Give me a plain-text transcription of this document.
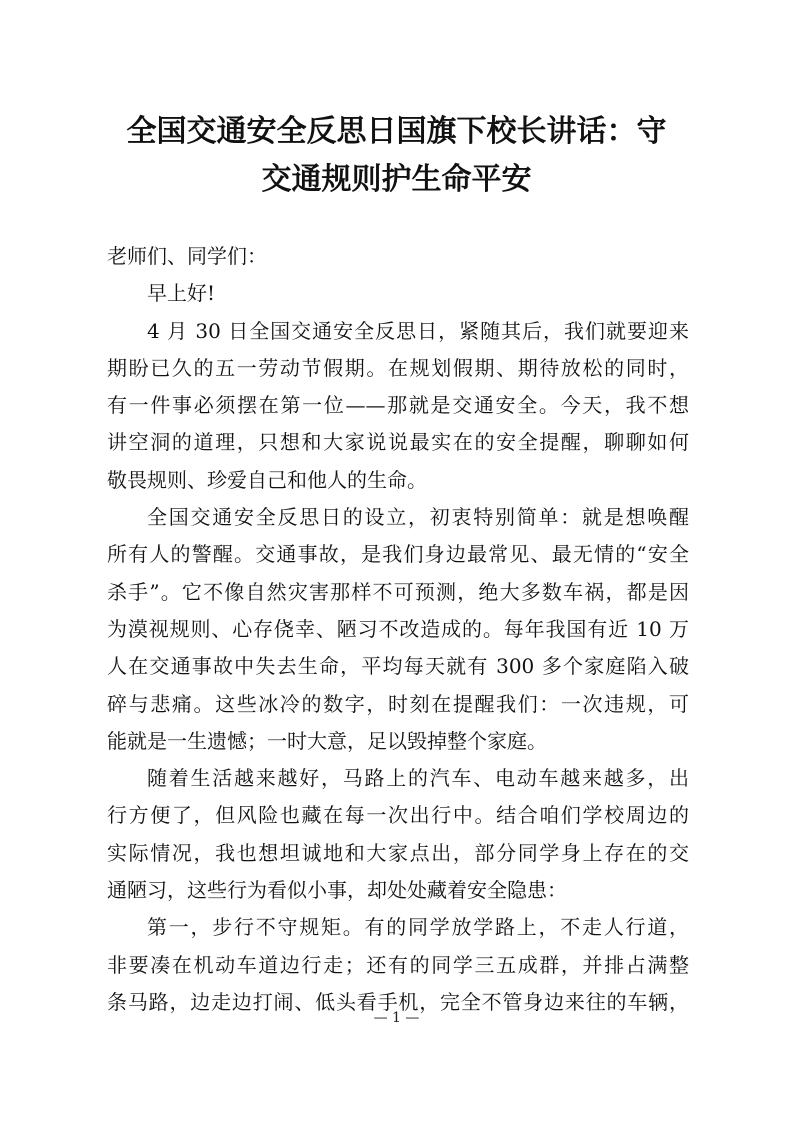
全国交通安全反思日国旗下校长讲话：守
交通规则护生命平安
老师们、同学们：
早上好!
4 月 30 日全国交通安全反思日，紧随其后，我们就要迎来
期盼已久的五一劳动节假期。在规划假期、期待放松的同时，
有一件事必须摆在第一位——那就是交通安全。今天，我不想
讲空洞的道理，只想和大家说说最实在的安全提醒，聊聊如何
敬畏规则、珍爱自己和他人的生命。
全国交通安全反思日的设立，初衷特别简单：就是想唤醒
所有人的警醒。交通事故，是我们身边最常见、最无情的“安全
杀手”。它不像自然灾害那样不可预测，绝大多数车祸，都是因
为漠视规则、心存侥幸、陋习不改造成的。每年我国有近 10 万
人在交通事故中失去生命，平均每天就有 300 多个家庭陷入破
碎与悲痛。这些冰冷的数字，时刻在提醒我们：一次违规，可
能就是一生遗憾；一时大意，足以毁掉整个家庭。
随着生活越来越好，马路上的汽车、电动车越来越多，出
行方便了，但风险也藏在每一次出行中。结合咱们学校周边的
实际情况，我也想坦诚地和大家点出，部分同学身上存在的交
通陋习，这些行为看似小事，却处处藏着安全隐患：
第一，步行不守规矩。有的同学放学路上，不走人行道，
非要凑在机动车道边行走；还有的同学三五成群，并排占满整
条马路，边走边打闹、低头看手机，完全不管身边来往的车辆，
— 1 —
